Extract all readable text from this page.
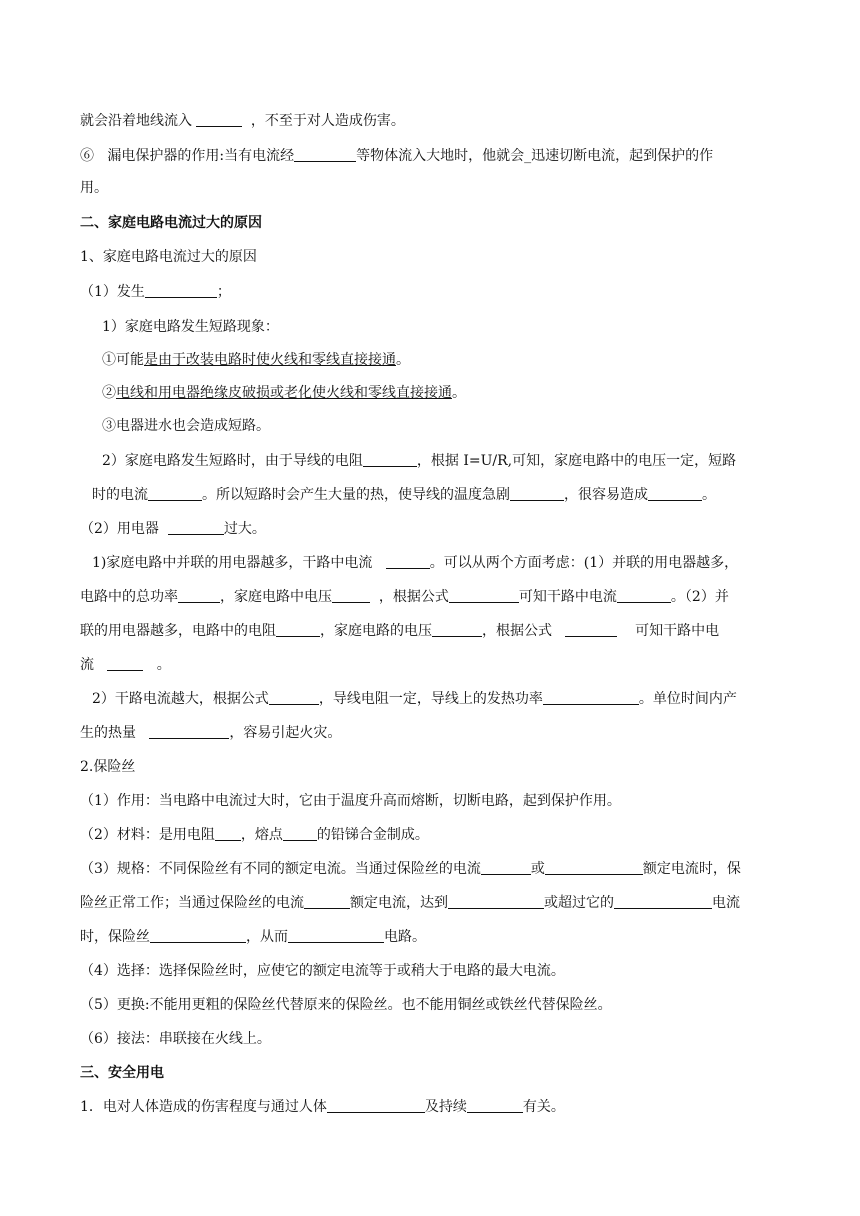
就会沿着地线流入	，不至于对人造成伤害。
⑥ 漏电保护器的作用:当有电流经	等物体流入大地时，他就会_迅速切断电流，起到保护的作
用。
二、家庭电路电流过大的原因
1、家庭电路电流过大的原因
（1）发生	；
1）家庭电路发生短路现象：
①可能是由于改装电路时使火线和零线直接接通。
②电线和用电器绝缘皮破损或老化使火线和零线直接接通。
③电器进水也会造成短路。
2）家庭电路发生短路时，由于导线的电阻	，根据 I=U/R,可知，家庭电路中的电压一定，短路
时的电流	。所以短路时会产生大量的热，使导线的温度急剧	，很容易造成	。
（2）用电器	过大。
1)家庭电路中并联的用电器越多，干路中电流	。可以从两个方面考虑：(1）并联的用电器越多，
电路中的总功率	，家庭电路中电压	，根据公式	可知干路中电流	。（2）并
联的用电器越多，电路中的电阻	，家庭电路的电压	，根据公式	可知干路中电
流	。
2）干路电流越大，根据公式	，导线电阻一定，导线上的发热功率	。单位时间内产
生的热量	，容易引起火灾。
2.保险丝
（1）作用：当电路中电流过大时，它由于温度升高而熔断，切断电路，起到保护作用。
（2）材料：是用电阻 ，熔点 的铅锑合金制成。
（3）规格：不同保险丝有不同的额定电流。当通过保险丝的电流	或	额定电流时，保
险丝正常工作；当通过保险丝的电流	额定电流，达到	或超过它的	电流
时，保险丝	，从而	电路。
（4）选择：选择保险丝时，应使它的额定电流等于或稍大于电路的最大电流。
（5）更换:不能用更粗的保险丝代替原来的保险丝。也不能用铜丝或铁丝代替保险丝。
（6）接法：串联接在火线上。
三、安全用电
1．电对人体造成的伤害程度与通过人体	及持续	有关。
